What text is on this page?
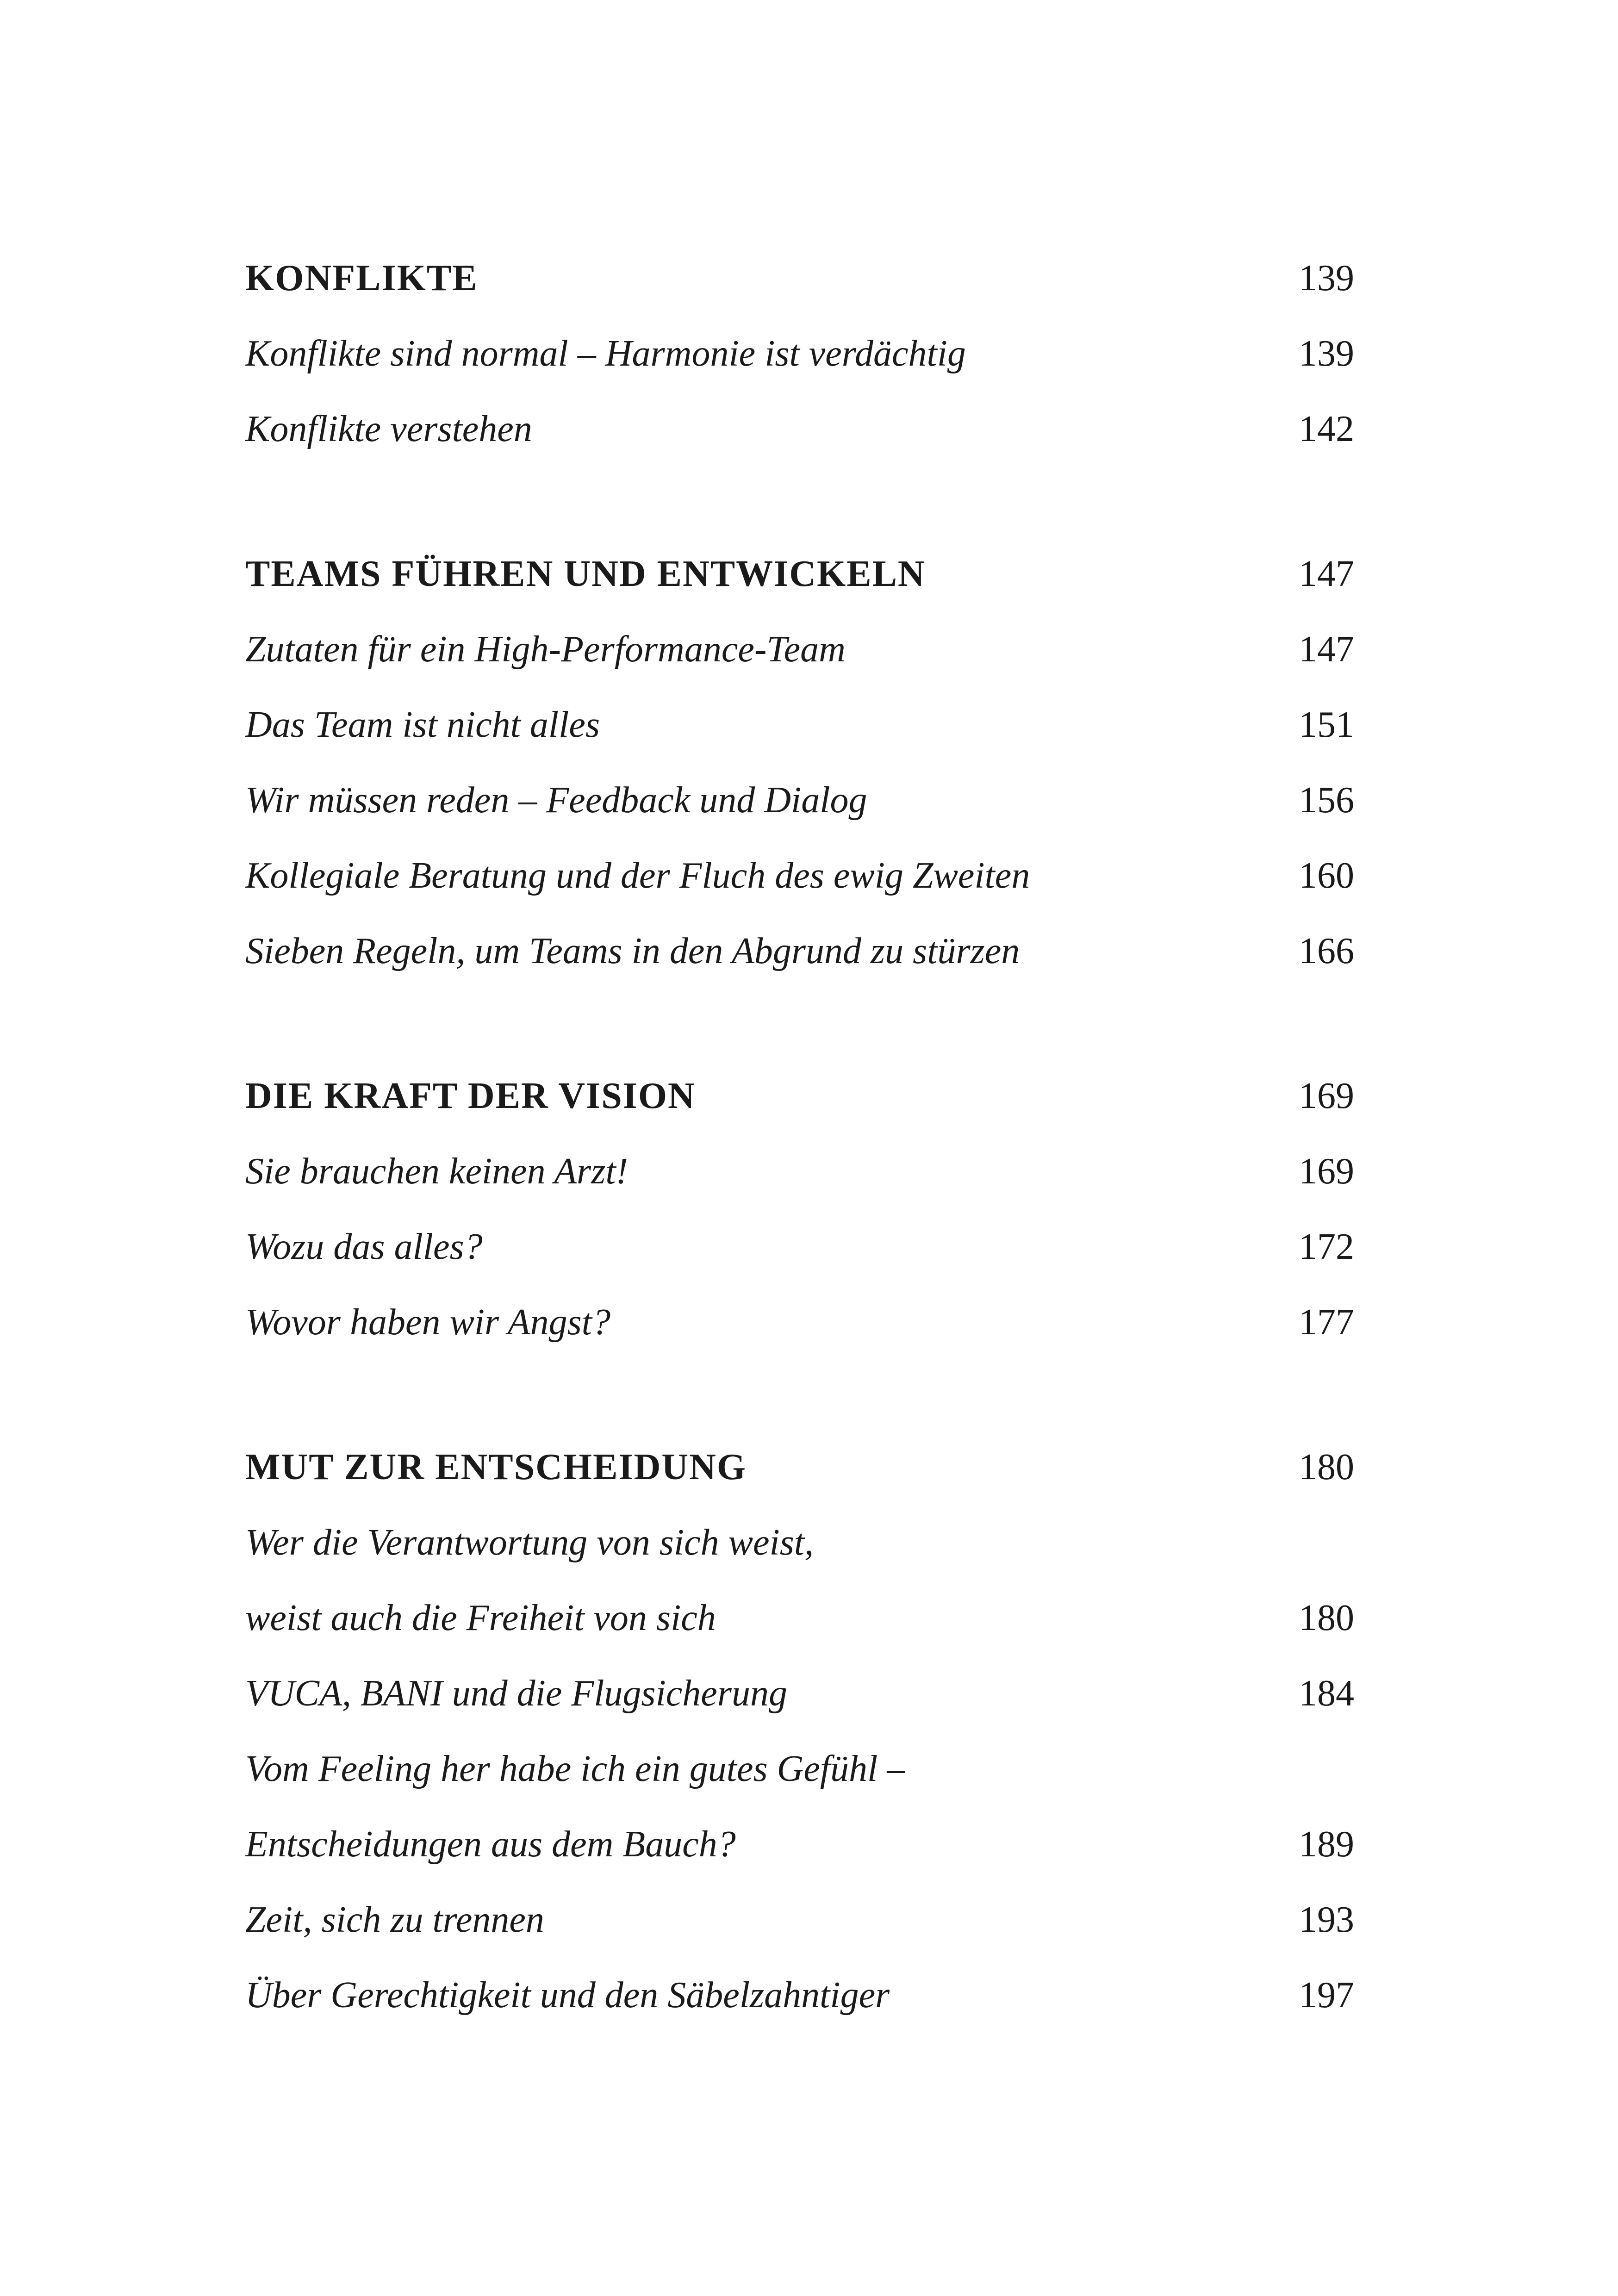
KONFLIKTE	139
Konflikte sind normal – Harmonie ist verdächtig	139
Konflikte verstehen	142
TEAMS FÜHREN UND ENTWICKELN	147
Zutaten für ein High-Performance-Team	147
Das Team ist nicht alles	151
Wir müssen reden – Feedback und Dialog	156
Kollegiale Beratung und der Fluch des ewig Zweiten	160
Sieben Regeln, um Teams in den Abgrund zu stürzen	166
DIE KRAFT DER VISION	169
Sie brauchen keinen Arzt!	169
Wozu das alles?	172
Wovor haben wir Angst?	177
MUT ZUR ENTSCHEIDUNG	180
Wer die Verantwortung von sich weist,
weist auch die Freiheit von sich	180
VUCA, BANI und die Flugsicherung	184
Vom Feeling her habe ich ein gutes Gefühl –
Entscheidungen aus dem Bauch?	189
Zeit, sich zu trennen	193
Über Gerechtigkeit und den Säbelzahntiger	197
